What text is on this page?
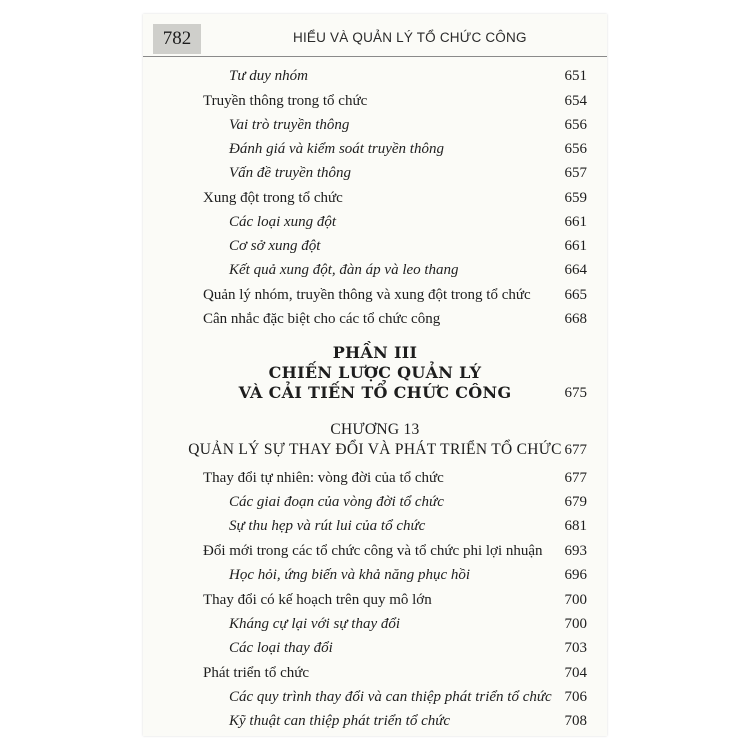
782	HIỂU VÀ QUẢN LÝ TỔ CHỨC CÔNG
Tư duy nhóm	651
Truyền thông trong tổ chức	654
Vai trò truyền thông	656
Đánh giá và kiểm soát truyền thông	656
Vấn đề truyền thông	657
Xung đột trong tổ chức	659
Các loại xung đột	661
Cơ sở xung đột	661
Kết quả xung đột, đàn áp và leo thang	664
Quản lý nhóm, truyền thông và xung đột trong tổ chức 665
Cân nhắc đặc biệt cho các tổ chức công	668
PHẦN III
CHIẾN LƯỢC QUẢN LÝ
VÀ CẢI TIẾN TỔ CHỨC CÔNG	675
CHƯƠNG 13
QUẢN LÝ SỰ THAY ĐỔI VÀ PHÁT TRIỂN TỔ CHỨC 677
Thay đổi tự nhiên: vòng đời của tổ chức	677
Các giai đoạn của vòng đời tổ chức	679
Sự thu hẹp và rút lui của tổ chức	681
Đổi mới trong các tổ chức công và tổ chức phi lợi nhuận 693
Học hỏi, ứng biến và khả năng phục hồi	696
Thay đổi có kế hoạch trên quy mô lớn	700
Kháng cự lại với sự thay đổi	700
Các loại thay đổi	703
Phát triển tổ chức	704
Các quy trình thay đổi và can thiệp phát triển tổ chức 706
Kỹ thuật can thiệp phát triển tổ chức	708
